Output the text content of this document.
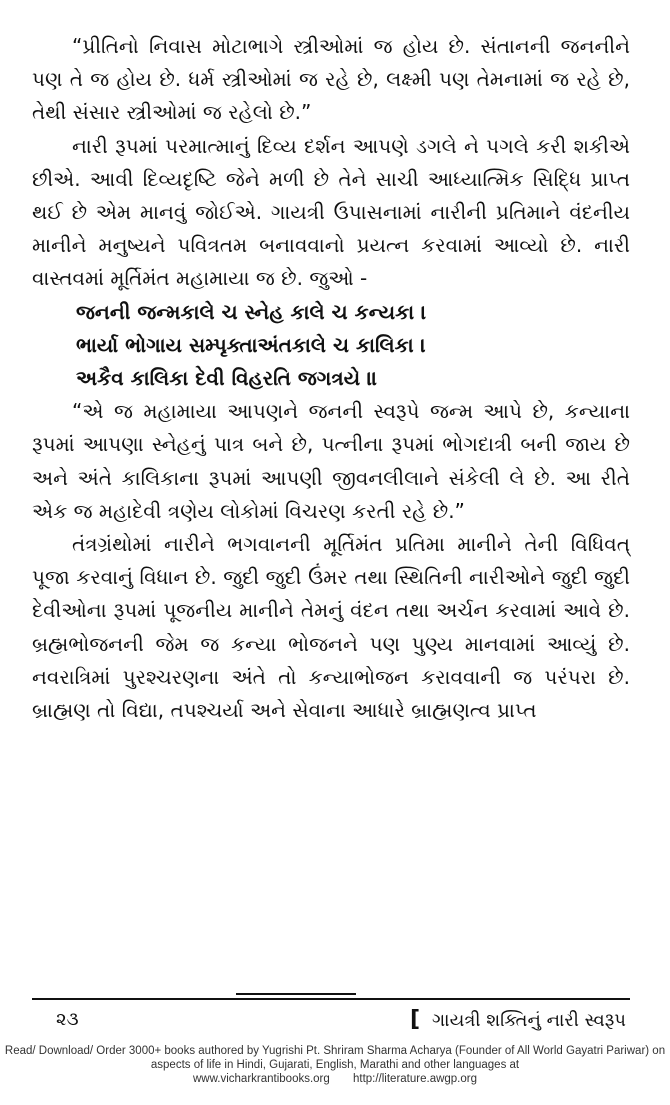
“પ્રીતિનો નિવાસ મોટાભાગે સ્ત્રીઓમાં જ હોય છે. સંતાનની જનનીને પણ તે જ હોય છે. ધર્મ સ્ત્રીઓમાં જ રહે છે, લક્ષ્મી પણ તેમનામાં જ રહે છે, તેથી સંસાર સ્ત્રીઓમાં જ રહેલો છે.”

નારી રૂપમાં પરમાત્માનું દિવ્ય દર્શન આપણે ડગલે ને પગલે કરી શકીએ છીએ. આવી દિવ્યદૃષ્ટિ જેને મળી છે તેને સાચી આધ્યાત્મિક સિદ્ધિ પ્રાપ્ત થઈ છે એમ માનવું જોઈએ. ગાયત્રી ઉપાસનામાં નારીની પ્રતિમાને વંદનીય માનીને મનુષ્યને પવિત્રતમ બનાવવાનો પ્રયત્ન કરવામાં આવ્યો છે. નારી વાસ્તવમાં મૂર્તિમંત મહામાયા જ છે. જુઓ -

જનની જન્મકાલે ચ સ્નેહ કાલે ચ કન્યકા ।

ભાર્યા ભોગાય સમ્પૃક્તાઅંતકાલે ચ કાલિકા ।

અકૈવ કાલિકા દેવી વિહરતિ જગત્રયે ॥

“એ જ મહામાયા આપણને જનની સ્વરૂપે જન્મ આપે છે, કન્યાના રૂપમાં આપણા સ્નેહનું પાત્ર બને છે, પત્નીના રૂપમાં ભોગદાત્રી બની જાય છે અને અંતે કાલિકાના રૂપમાં આપણી જીવનલીલાને સંકેલી લે છે. આ રીતે એક જ મહાદેવી ત્રણેય લોકોમાં વિચરણ કરતી રહે છે.”

તંત્રગ્રંથોમાં નારીને ભગવાનની મૂર્તિમંત પ્રતિમા માનીને તેની વિધિવત્ પૂજા કરવાનું વિધાન છે. જુદી જુદી ઉંમર તથા સ્થિતિની નારીઓને જુદી જુદી દેવીઓના રૂપમાં પૂજનીય માનીને તેમનું વંદન તથા અર્ચન કરવામાં આવે છે. બ્રહ્મભોજનની જેમ જ કન્યા ભોજનને પણ પુણ્ય માનવામાં આવ્યું છે. નવરાત્રિમાં પુરશ્ચરણના અંતે તો કન્યાભોજન કરાવવાની જ પરંપરા છે. બ્રાહ્મણ તો વિદ્યા, તપશ્ચર્યા અને સેવાના આધારે બ્રાહ્મણત્વ પ્રાપ્ત

૨૩	[ ગાયત્રી શક્તિનું નારી સ્વરૂપ
Read/ Download/ Order 3000+ books authored by Yugrishi Pt. Shriram Sharma Acharya (Founder of All World Gayatri Pariwar) on aspects of life in Hindi, Gujarati, English, Marathi and other languages at
www.vicharkrantibooks.org http://literature.awgp.org
